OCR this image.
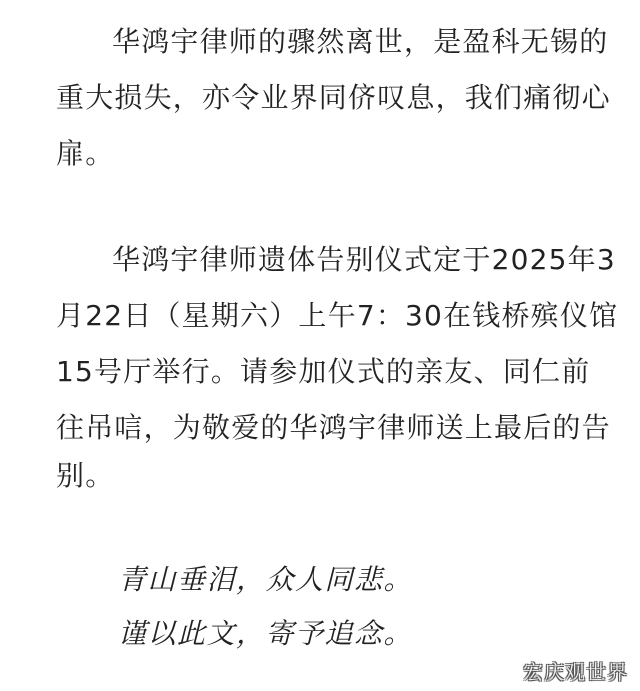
华鸿宇律师的骤然离世，是盈科无锡的
重大损失，亦令业界同侪叹息，我们痛彻心
扉。
华鸿宇律师遗体告别仪式定于2025年3
月22日（星期六）上午7：30在钱桥殡仪馆
15号厅举行。请参加仪式的亲友、同仁前
往吊唁，为敬爱的华鸿宇律师送上最后的告
别。
青山垂泪，众人同悲。
谨以此文，寄予追念。
宏庆观世界
